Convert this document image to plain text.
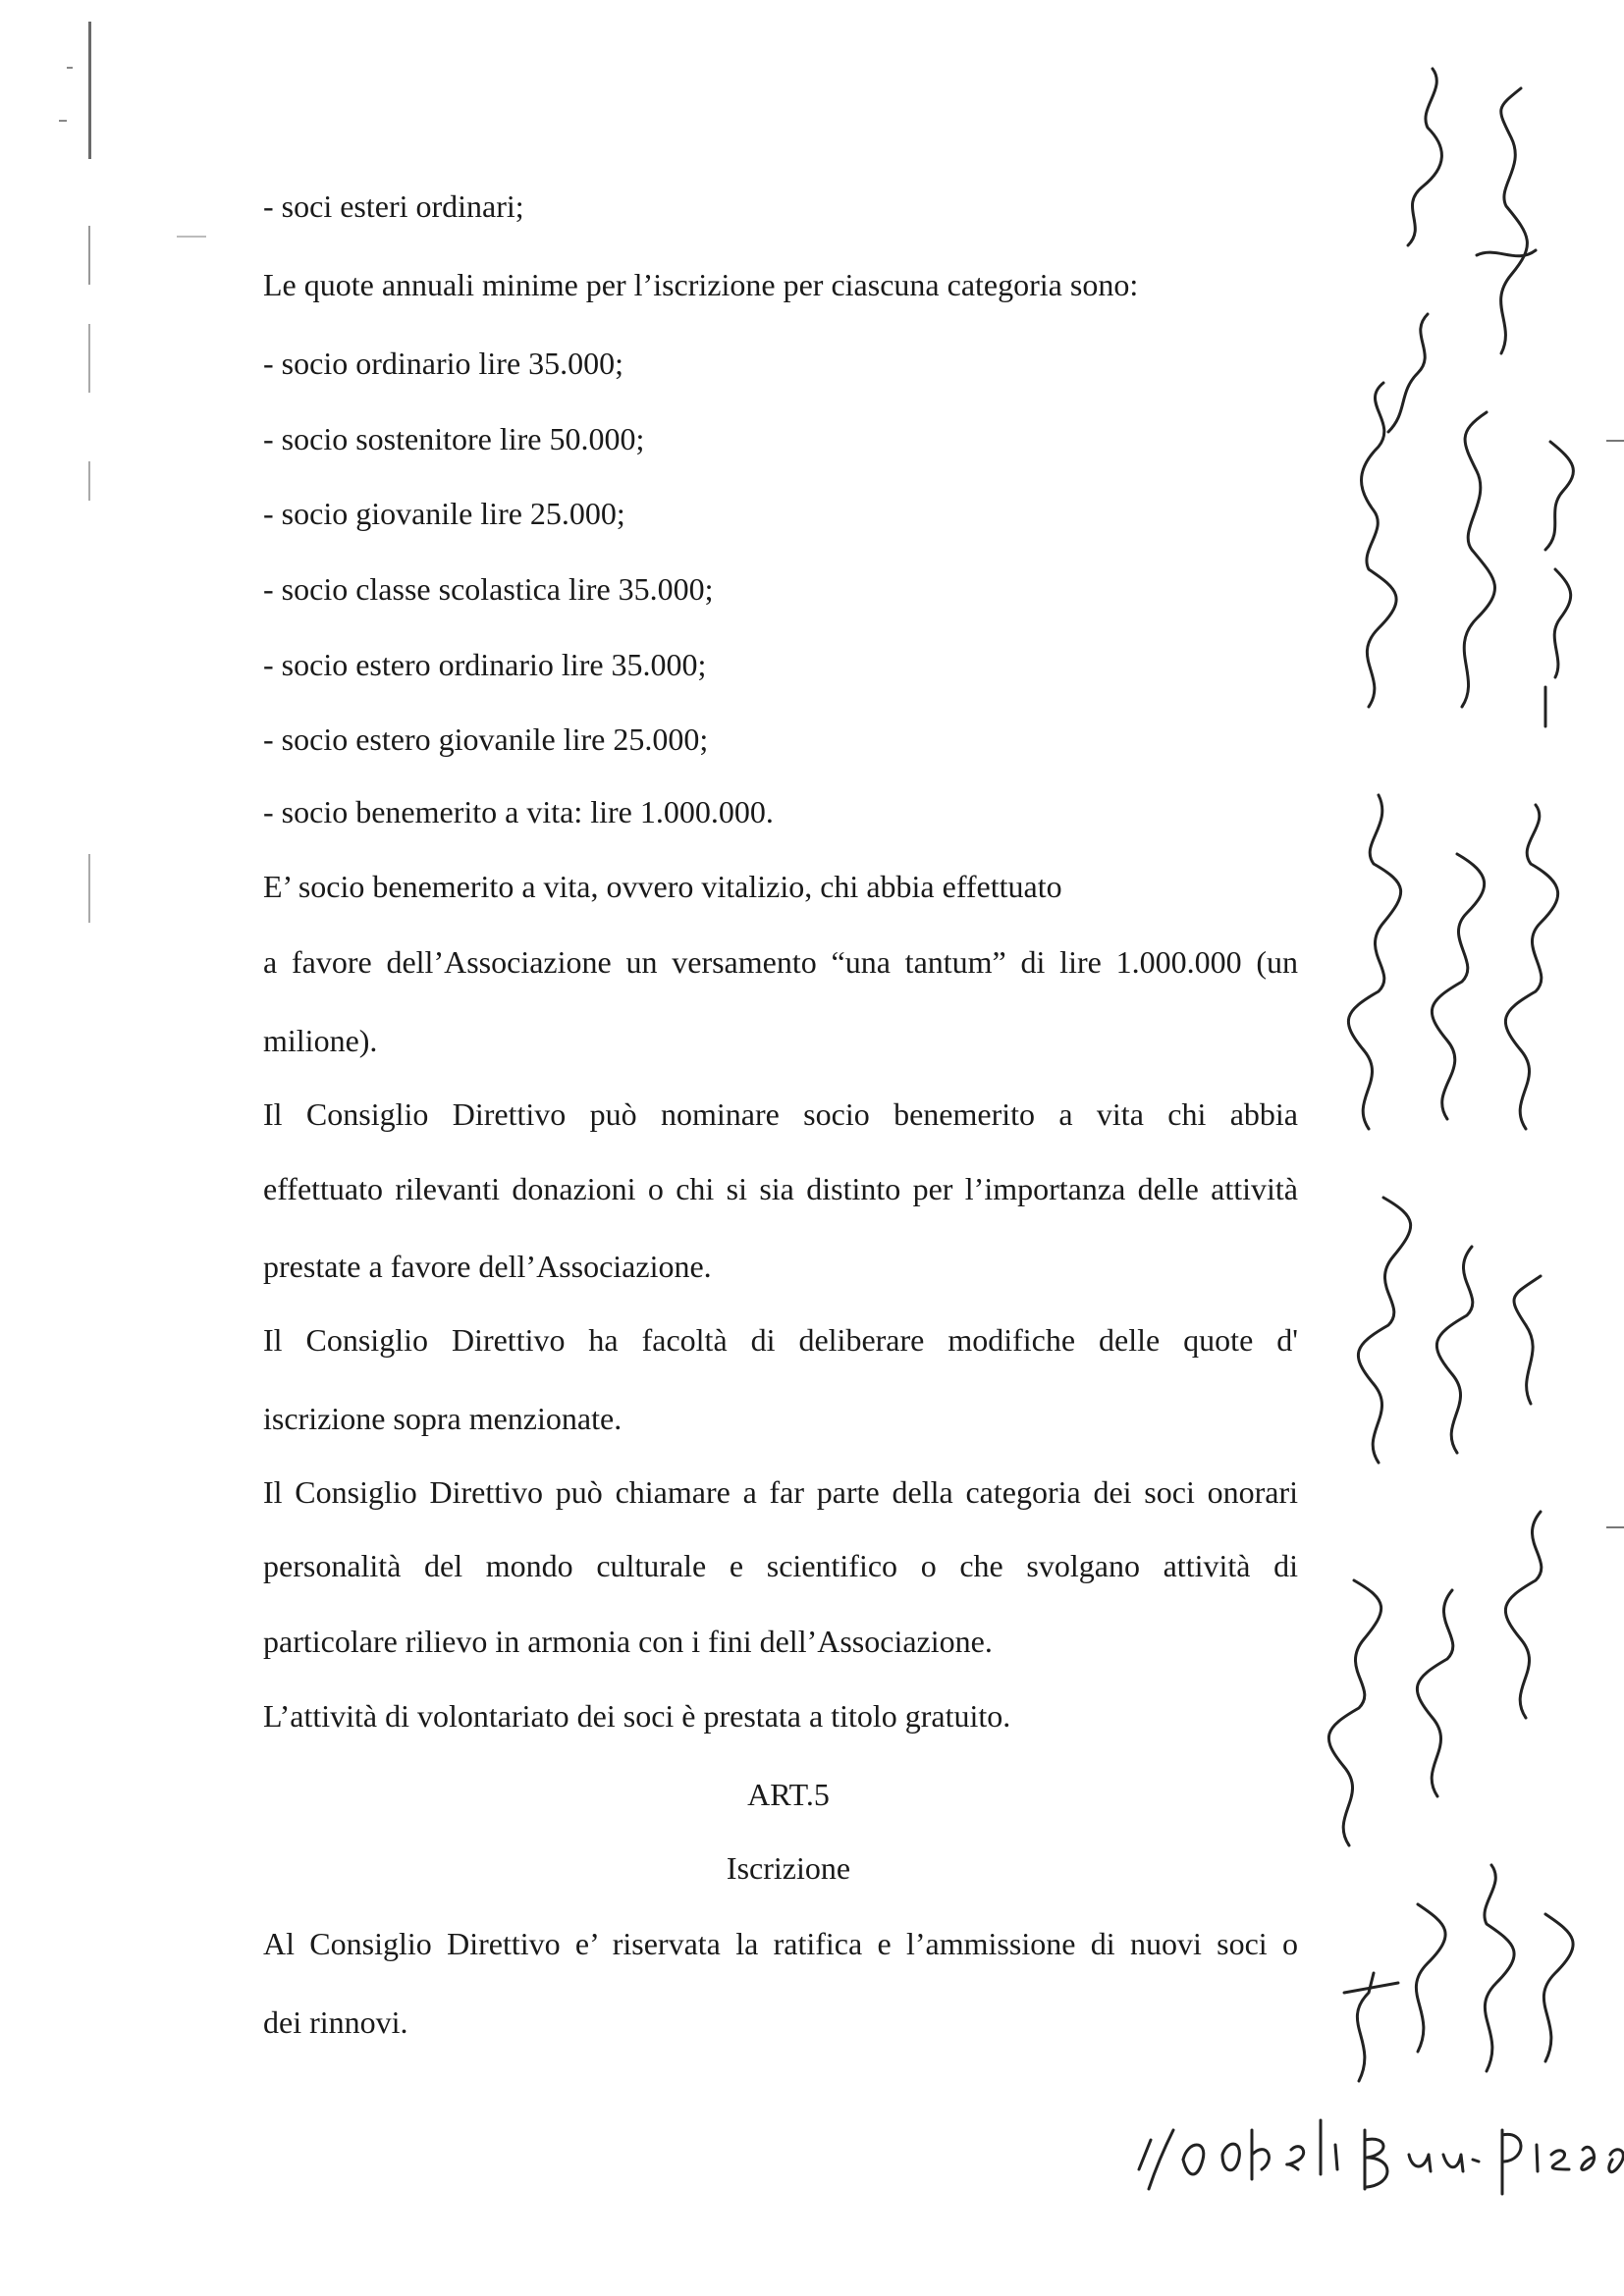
- soci esteri ordinari;
Le quote annuali minime per l’iscrizione per ciascuna categoria sono:
- socio ordinario lire 35.000;
- socio sostenitore lire 50.000;
- socio giovanile lire 25.000;
- socio classe scolastica lire 35.000;
- socio estero ordinario lire 35.000;
- socio estero giovanile lire 25.000;
- socio benemerito a vita: lire 1.000.000.
E’ socio benemerito a vita, ovvero vitalizio, chi abbia effettuato
a favore dell’Associazione un versamento “una tantum” di lire 1.000.000 (un
milione).
Il Consiglio Direttivo può nominare socio benemerito a vita chi abbia
effettuato rilevanti donazioni o chi si sia distinto per l’importanza delle attività
prestate a favore dell’Associazione.
Il Consiglio Direttivo ha facoltà di deliberare modifiche delle quote d'
iscrizione sopra menzionate.
Il Consiglio Direttivo può chiamare a far parte della categoria dei soci onorari
personalità del mondo culturale e scientifico o che svolgano attività di
particolare rilievo in armonia con i fini dell’Associazione.
L’attività di volontariato dei soci è prestata a titolo gratuito.
ART.5
Iscrizione
Al Consiglio Direttivo e’ riservata la ratifica e l’ammissione di nuovi soci o
dei rinnovi.
